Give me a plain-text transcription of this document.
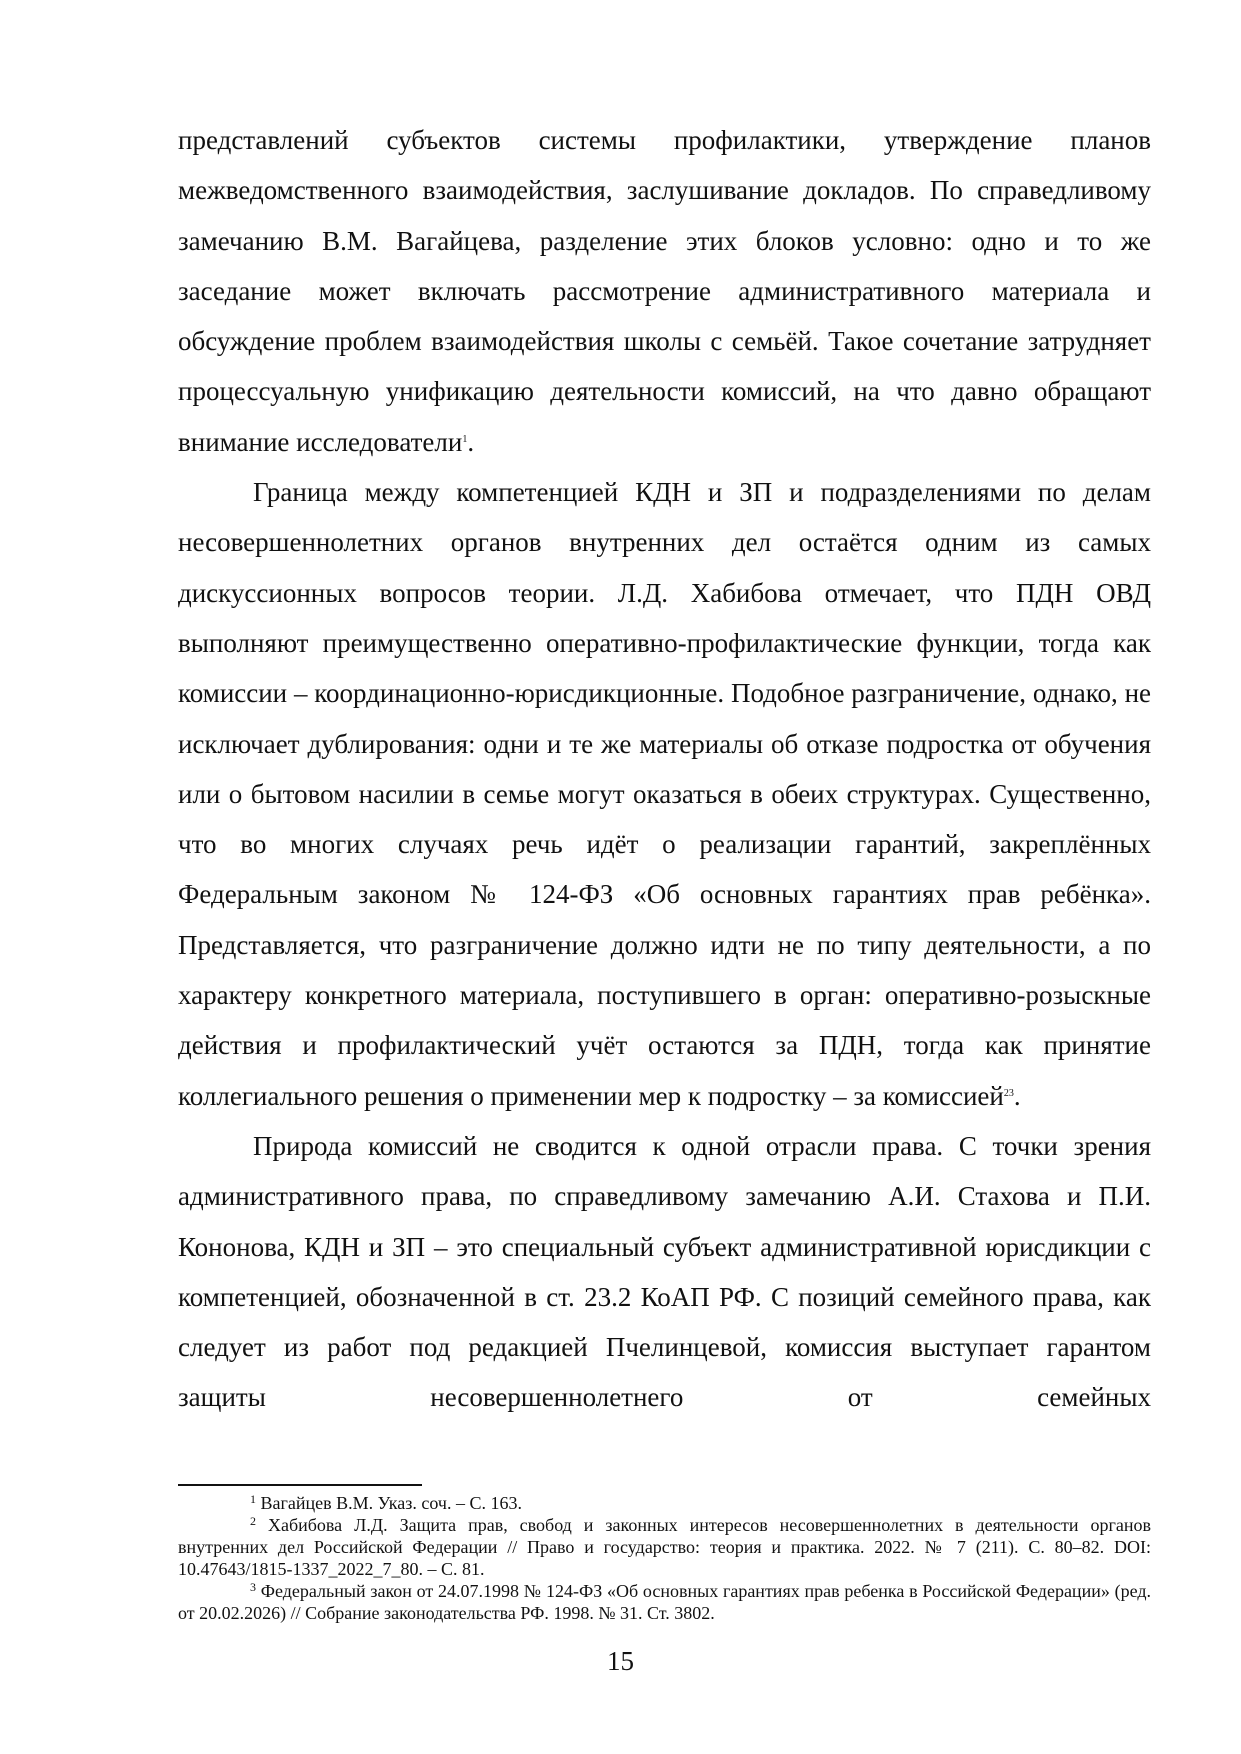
представлений субъектов системы профилактики, утверждение планов межведомственного взаимодействия, заслушивание докладов. По справедливому замечанию В.М. Вагайцева, разделение этих блоков условно: одно и то же заседание может включать рассмотрение административного материала и обсуждение проблем взаимодействия школы с семьёй. Такое сочетание затрудняет процессуальную унификацию деятельности комиссий, на что давно обращают внимание исследователи$^1$.

Граница между компетенцией КДН и ЗП и подразделениями по делам несовершеннолетних органов внутренних дел остаётся одним из самых дискуссионных вопросов теории. Л.Д. Хабибова отмечает, что ПДН ОВД выполняют преимущественно оперативно-профилактические функции, тогда как комиссии – координационно-юрисдикционные. Подобное разграничение, однако, не исключает дублирования: одни и те же материалы об отказе подростка от обучения или о бытовом насилии в семье могут оказаться в обеих структурах. Существенно, что во многих случаях речь идёт о реализации гарантий, закреплённых Федеральным законом № 124-ФЗ «Об основных гарантиях прав ребёнка». Представляется, что разграничение должно идти не по типу деятельности, а по характеру конкретного материала, поступившего в орган: оперативно-розыскные действия и профилактический учёт остаются за ПДН, тогда как принятие коллегиального решения о применении мер к подростку – за комиссией$^{23}$.

Природа комиссий не сводится к одной отрасли права. С точки зрения административного права, по справедливому замечанию А.И. Стахова и П.И. Кононова, КДН и ЗП – это специальный субъект административной юрисдикции с компетенцией, обозначенной в ст. 23.2 КоАП РФ. С позиций семейного права, как следует из работ под редакцией Пчелинцевой, комиссия выступает гарантом защиты несовершеннолетнего от семейных

$^1$ Вагайцев В.М. Указ. соч. – С. 163.

$^2$ Хабибова Л.Д. Защита прав, свобод и законных интересов несовершеннолетних в деятельности органов внутренних дел Российской Федерации // Право и государство: теория и практика. 2022. № 7 (211). С. 80–82. DOI: 10.47643/1815-1337_2022_7_80. – С. 81.

$^3$ Федеральный закон от 24.07.1998 № 124-ФЗ «Об основных гарантиях прав ребенка в Российской Федерации» (ред. от 20.02.2026) // Собрание законодательства РФ. 1998. № 31. Ст. 3802.

15
